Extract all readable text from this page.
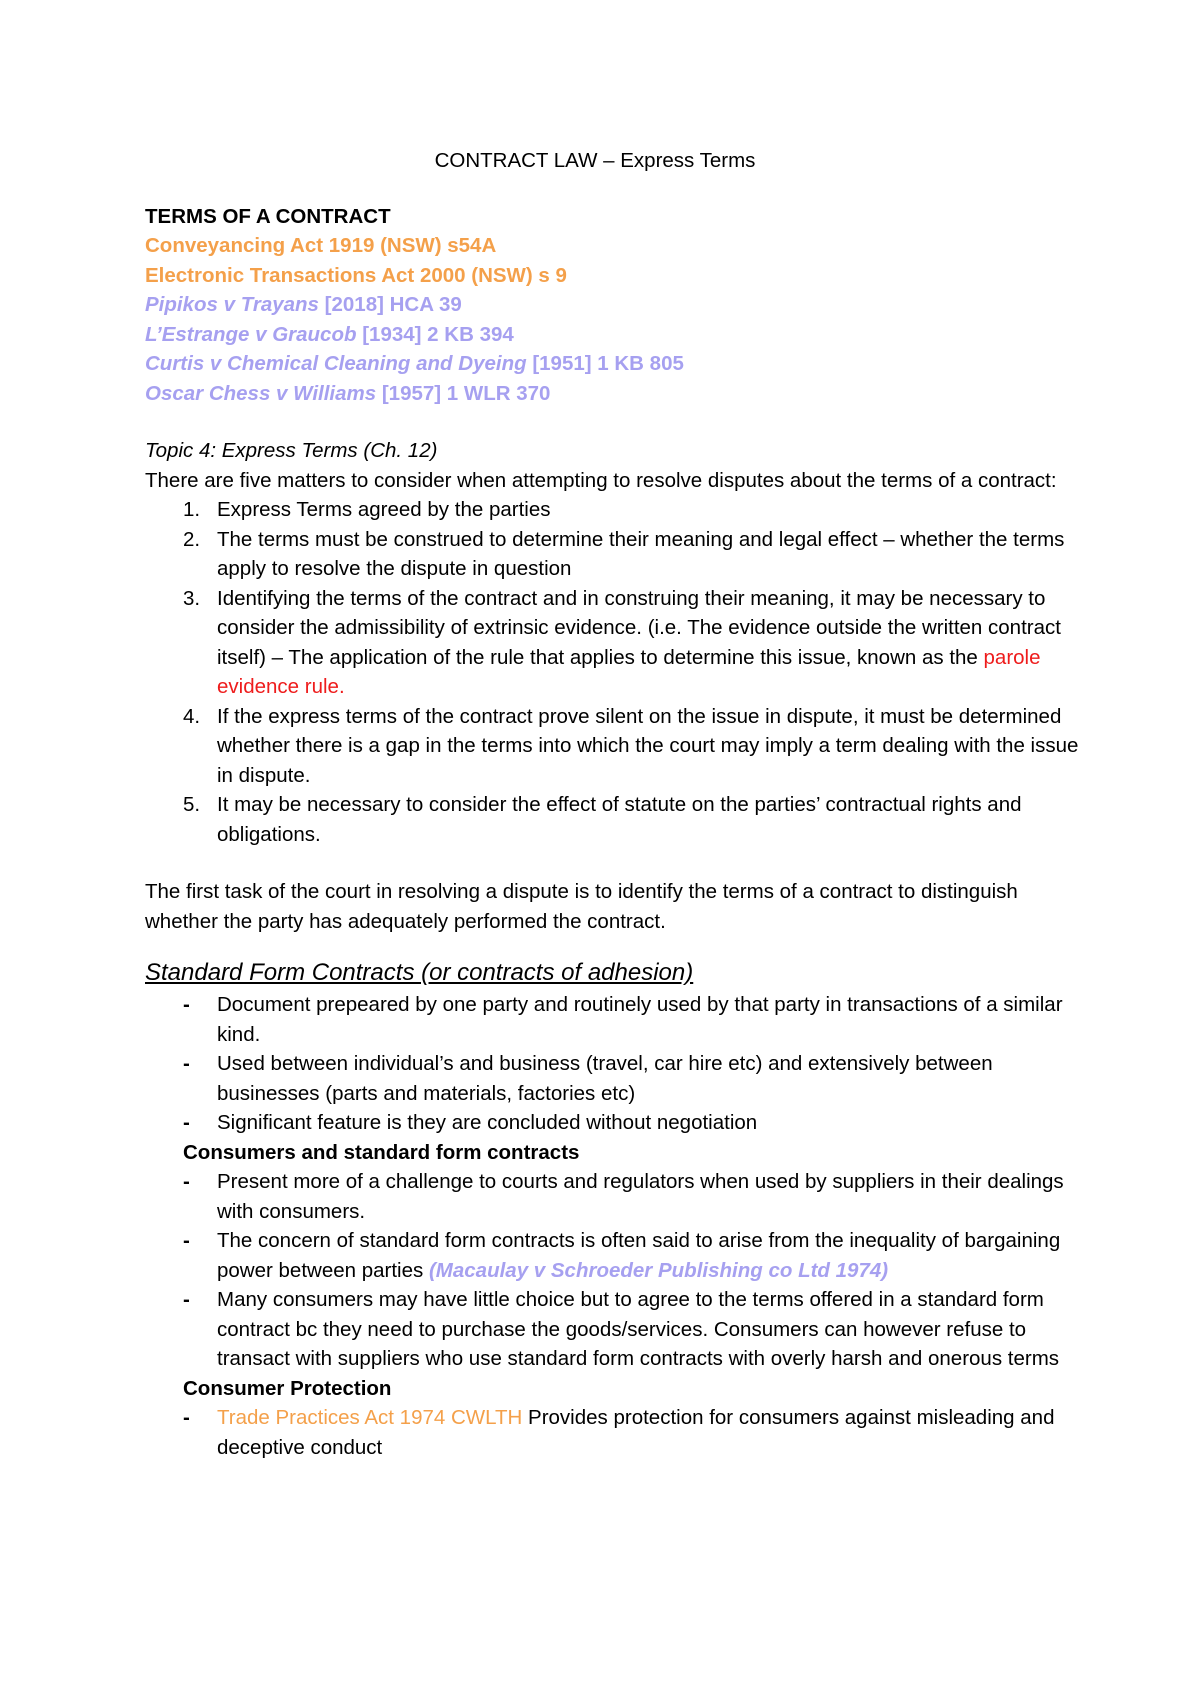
CONTRACT LAW – Express Terms
TERMS OF A CONTRACT
Conveyancing Act 1919 (NSW) s54A
Electronic Transactions Act 2000 (NSW) s 9
Pipikos v Trayans [2018] HCA 39
L’Estrange v Graucob [1934] 2 KB 394
Curtis v Chemical Cleaning and Dyeing [1951] 1 KB 805
Oscar Chess v Williams [1957] 1 WLR 370
Topic 4: Express Terms (Ch. 12)
There are five matters to consider when attempting to resolve disputes about the terms of a contract:
1. Express Terms agreed by the parties
2. The terms must be construed to determine their meaning and legal effect – whether the terms apply to resolve the dispute in question
3. Identifying the terms of the contract and in construing their meaning, it may be necessary to consider the admissibility of extrinsic evidence. (i.e. The evidence outside the written contract itself) – The application of the rule that applies to determine this issue, known as the parole evidence rule.
4. If the express terms of the contract prove silent on the issue in dispute, it must be determined whether there is a gap in the terms into which the court may imply a term dealing with the issue in dispute.
5. It may be necessary to consider the effect of statute on the parties’ contractual rights and obligations.
The first task of the court in resolving a dispute is to identify the terms of a contract to distinguish whether the party has adequately performed the contract.
Standard Form Contracts (or contracts of adhesion)
- Document prepeared by one party and routinely used by that party in transactions of a similar kind.
- Used between individual’s and business (travel, car hire etc) and extensively between businesses (parts and materials, factories etc)
- Significant feature is they are concluded without negotiation
Consumers and standard form contracts
- Present more of a challenge to courts and regulators when used by suppliers in their dealings with consumers.
- The concern of standard form contracts is often said to arise from the inequality of bargaining power between parties (Macaulay v Schroeder Publishing co Ltd 1974)
- Many consumers may have little choice but to agree to the terms offered in a standard form contract bc they need to purchase the goods/services. Consumers can however refuse to transact with suppliers who use standard form contracts with overly harsh and onerous terms
Consumer Protection
- Trade Practices Act 1974 CWLTH Provides protection for consumers against misleading and deceptive conduct
